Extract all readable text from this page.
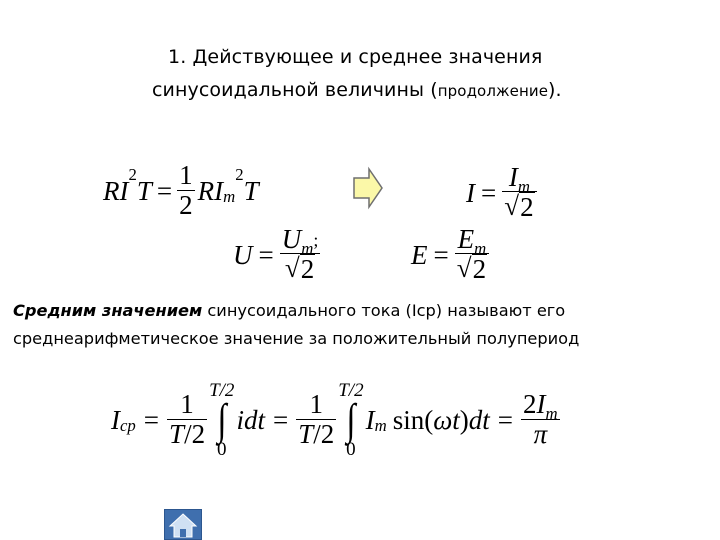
1. Действующее и среднее значения
синусоидальной величины (продолжение).
R I
2
$T = \frac{1}{2}$ R I m
2
T	$I = \frac{I_m}{√ 2}$
$U = \frac{U_m;}{√ 2}$	$E = \frac{E_m}{√ 2}$
Средним значением синусоидального тока (Iср) называют его
среднеарифметическое значение за положительный полупериод
I cp = $\frac{1}{T/2} T/2$
∫
0
idt = $\frac{1}{T/2} T/2$
∫
0
I m sin( ω t ) dt = $\frac{2I_m}{\pi}$
